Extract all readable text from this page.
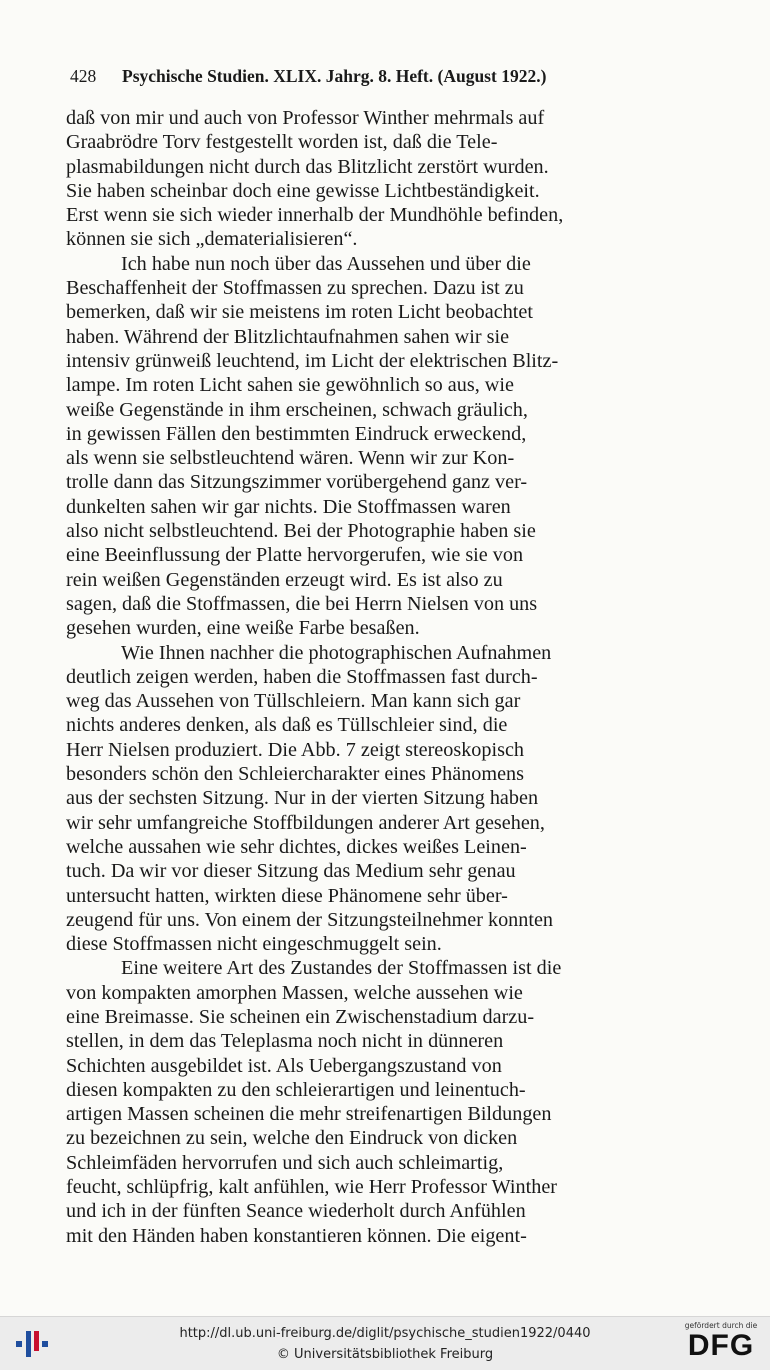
428	Psychische Studien. XLIX. Jahrg. 8. Heft. (August 1922.)
daß von mir und auch von Professor Winther mehrmals auf
Graabrödre Torv festgestellt worden ist, daß die Tele-
plasmabildungen nicht durch das Blitzlicht zerstört wurden.
Sie haben scheinbar doch eine gewisse Lichtbeständigkeit.
Erst wenn sie sich wieder innerhalb der Mundhöhle befinden,
können sie sich „dematerialisieren“.
Ich habe nun noch über das Aussehen und über die
Beschaffenheit der Stoffmassen zu sprechen. Dazu ist zu
bemerken, daß wir sie meistens im roten Licht beobachtet
haben. Während der Blitzlichtaufnahmen sahen wir sie
intensiv grünweiß leuchtend, im Licht der elektrischen Blitz-
lampe. Im roten Licht sahen sie gewöhnlich so aus, wie
weiße Gegenstände in ihm erscheinen, schwach gräulich,
in gewissen Fällen den bestimmten Eindruck erweckend,
als wenn sie selbstleuchtend wären. Wenn wir zur Kon-
trolle dann das Sitzungszimmer vorübergehend ganz ver-
dunkelten sahen wir gar nichts. Die Stoffmassen waren
also nicht selbstleuchtend. Bei der Photographie haben sie
eine Beeinflussung der Platte hervorgerufen, wie sie von
rein weißen Gegenständen erzeugt wird. Es ist also zu
sagen, daß die Stoffmassen, die bei Herrn Nielsen von uns
gesehen wurden, eine weiße Farbe besaßen.
Wie Ihnen nachher die photographischen Aufnahmen
deutlich zeigen werden, haben die Stoffmassen fast durch-
weg das Aussehen von Tüllschleiern. Man kann sich gar
nichts anderes denken, als daß es Tüllschleier sind, die
Herr Nielsen produziert. Die Abb. 7 zeigt stereoskopisch
besonders schön den Schleiercharakter eines Phänomens
aus der sechsten Sitzung. Nur in der vierten Sitzung haben
wir sehr umfangreiche Stoffbildungen anderer Art gesehen,
welche aussahen wie sehr dichtes, dickes weißes Leinen-
tuch. Da wir vor dieser Sitzung das Medium sehr genau
untersucht hatten, wirkten diese Phänomene sehr über-
zeugend für uns. Von einem der Sitzungsteilnehmer konnten
diese Stoffmassen nicht eingeschmuggelt sein.
Eine weitere Art des Zustandes der Stoffmassen ist die
von kompakten amorphen Massen, welche aussehen wie
eine Breimasse. Sie scheinen ein Zwischenstadium darzu-
stellen, in dem das Teleplasma noch nicht in dünneren
Schichten ausgebildet ist. Als Uebergangszustand von
diesen kompakten zu den schleierartigen und leinentuch-
artigen Massen scheinen die mehr streifenartigen Bildungen
zu bezeichnen zu sein, welche den Eindruck von dicken
Schleimfäden hervorrufen und sich auch schleimartig,
feucht, schlüpfrig, kalt anfühlen, wie Herr Professor Winther
und ich in der fünften Seance wiederholt durch Anfühlen
mit den Händen haben konstantieren können. Die eigent-
http://dl.ub.uni-freiburg.de/diglit/psychische_studien1922/0440
© Universitätsbibliothek Freiburg
gefördert durch die
DFG
